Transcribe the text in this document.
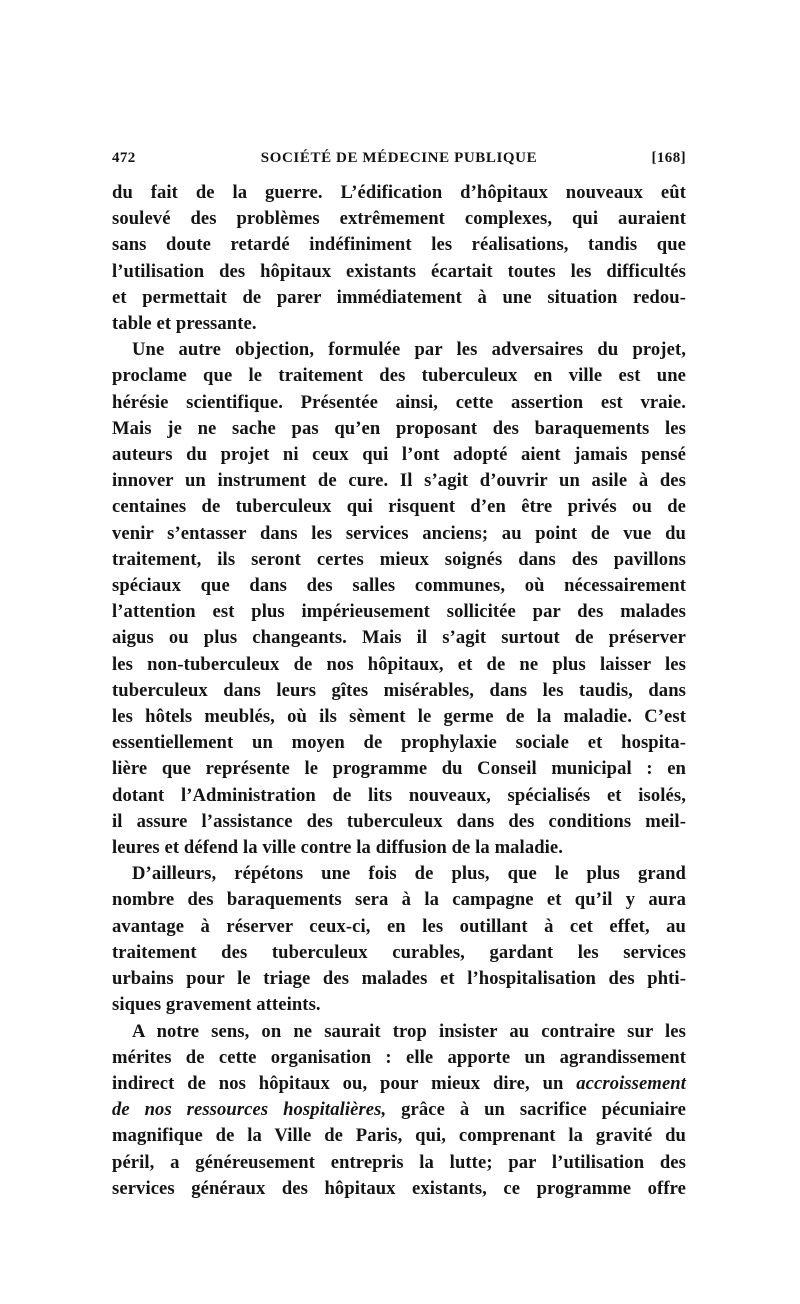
472	SOCIÉTÉ DE MÉDECINE PUBLIQUE	[168]
du fait de la guerre. L’édification d’hôpitaux nouveaux eût
soulevé des problèmes extrêmement complexes, qui auraient
sans doute retardé indéfiniment les réalisations, tandis que
l’utilisation des hôpitaux existants écartait toutes les difficultés
et permettait de parer immédiatement à une situation redou-
table et pressante.
Une autre objection, formulée par les adversaires du projet,
proclame que le traitement des tuberculeux en ville est une
hérésie scientifique. Présentée ainsi, cette assertion est vraie.
Mais je ne sache pas qu’en proposant des baraquements les
auteurs du projet ni ceux qui l’ont adopté aient jamais pensé
innover un instrument de cure. Il s’agit d’ouvrir un asile à des
centaines de tuberculeux qui risquent d’en être privés ou de
venir s’entasser dans les services anciens; au point de vue du
traitement, ils seront certes mieux soignés dans des pavillons
spéciaux que dans des salles communes, où nécessairement
l’attention est plus impérieusement sollicitée par des malades
aigus ou plus changeants. Mais il s’agit surtout de préserver
les non-tuberculeux de nos hôpitaux, et de ne plus laisser les
tuberculeux dans leurs gîtes misérables, dans les taudis, dans
les hôtels meublés, où ils sèment le germe de la maladie. C’est
essentiellement un moyen de prophylaxie sociale et hospita-
lière que représente le programme du Conseil municipal : en
dotant l’Administration de lits nouveaux, spécialisés et isolés,
il assure l’assistance des tuberculeux dans des conditions meil-
leures et défend la ville contre la diffusion de la maladie.
D’ailleurs, répétons une fois de plus, que le plus grand
nombre des baraquements sera à la campagne et qu’il y aura
avantage à réserver ceux-ci, en les outillant à cet effet, au
traitement des tuberculeux curables, gardant les services
urbains pour le triage des malades et l’hospitalisation des phti-
siques gravement atteints.
A notre sens, on ne saurait trop insister au contraire sur les
mérites de cette organisation : elle apporte un agrandissement
indirect de nos hôpitaux ou, pour mieux dire, un accroissement
de nos ressources hospitalières, grâce à un sacrifice pécuniaire
magnifique de la Ville de Paris, qui, comprenant la gravité du
péril, a généreusement entrepris la lutte; par l’utilisation des
services généraux des hôpitaux existants, ce programme offre
